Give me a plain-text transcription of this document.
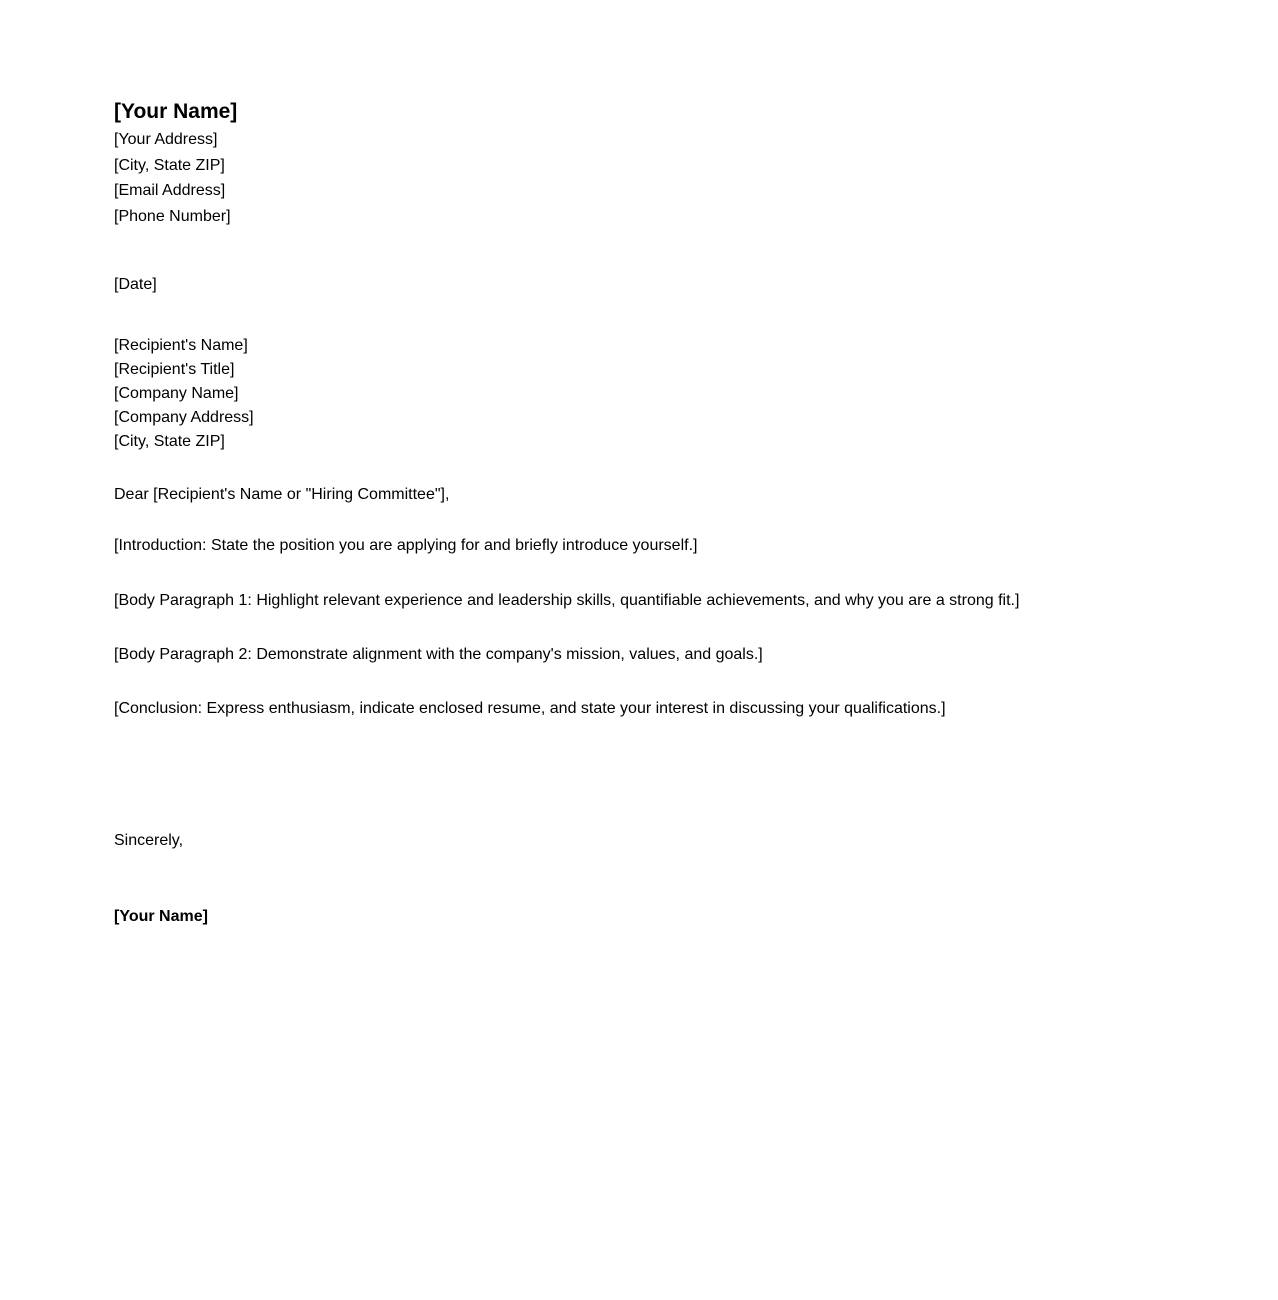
[Your Name]
[Your Address]
[City, State ZIP]
[Email Address]
[Phone Number]
[Date]
[Recipient's Name]
[Recipient's Title]
[Company Name]
[Company Address]
[City, State ZIP]
Dear [Recipient's Name or "Hiring Committee"],
[Introduction: State the position you are applying for and briefly introduce yourself.]
[Body Paragraph 1: Highlight relevant experience and leadership skills, quantifiable achievements, and why you are a strong fit.]
[Body Paragraph 2: Demonstrate alignment with the company's mission, values, and goals.]
[Conclusion: Express enthusiasm, indicate enclosed resume, and state your interest in discussing your qualifications.]
Sincerely,
[Your Name]
